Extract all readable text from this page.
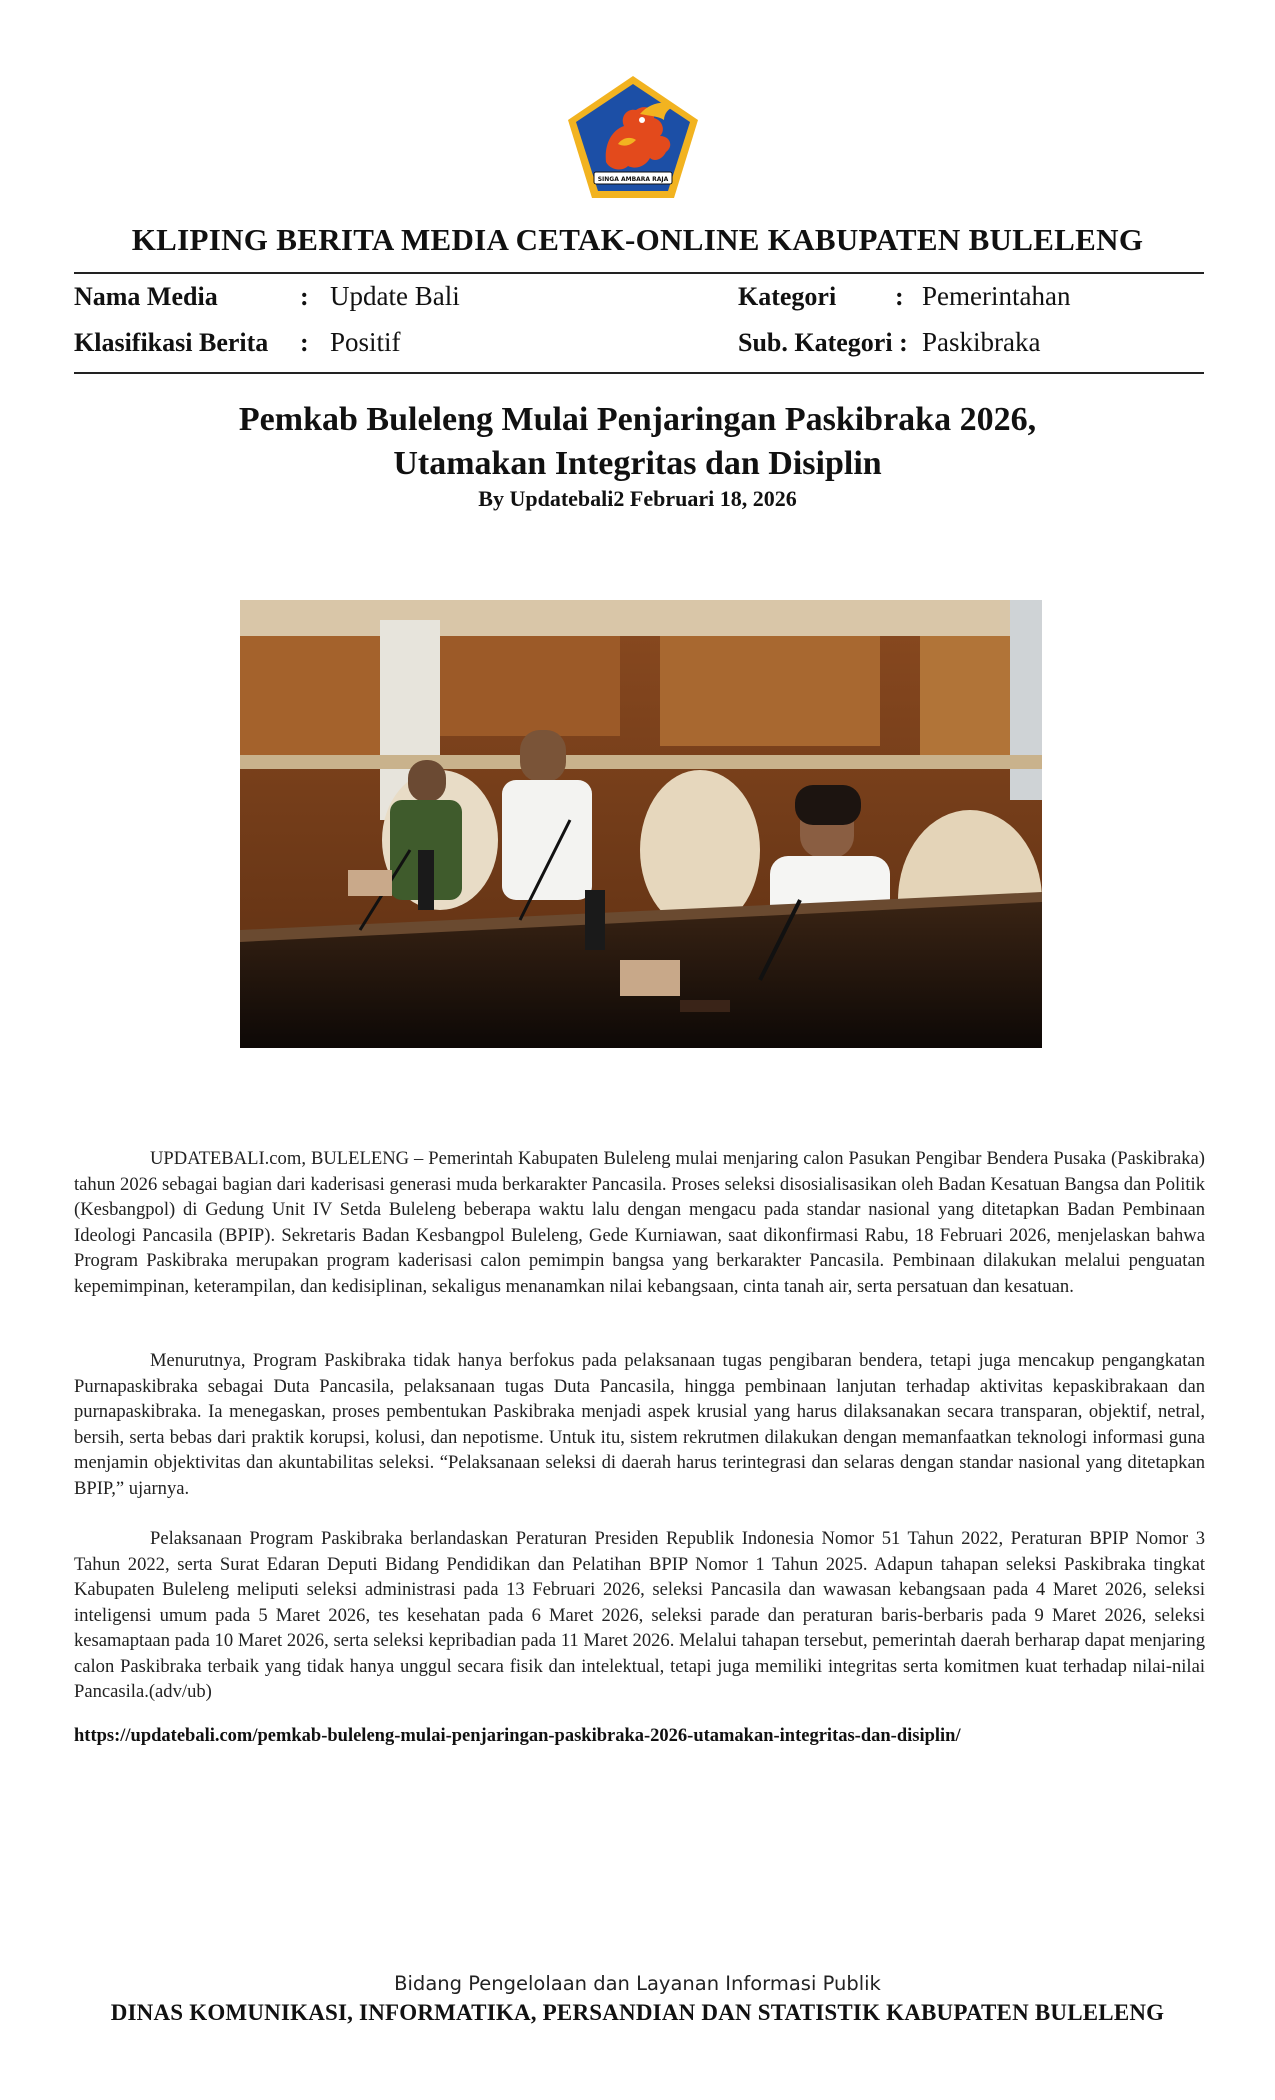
SINGA AMBARA RAJA
KLIPING BERITA MEDIA CETAK-ONLINE KABUPATEN BULELENG
Nama Media	: Update Bali
Klasifikasi Berita : Positif
Kategori : Pemerintahan
Sub. Kategori : Paskibraka
Pemkab Buleleng Mulai Penjaringan Paskibraka 2026,
Utamakan Integritas dan Disiplin
By Updatebali2 Februari 18, 2026

UPDATEBALI.com, BULELENG – Pemerintah Kabupaten Buleleng mulai menjaring calon Pasukan Pengibar Bendera Pusaka (Paskibraka) tahun 2026 sebagai bagian dari kaderisasi generasi muda berkarakter Pancasila. Proses seleksi disosialisasikan oleh Badan Kesatuan Bangsa dan Politik (Kesbangpol) di Gedung Unit IV Setda Buleleng beberapa waktu lalu dengan mengacu pada standar nasional yang ditetapkan Badan Pembinaan Ideologi Pancasila (BPIP). Sekretaris Badan Kesbangpol Buleleng, Gede Kurniawan, saat dikonfirmasi Rabu, 18 Februari 2026, menjelaskan bahwa Program Paskibraka merupakan program kaderisasi calon pemimpin bangsa yang berkarakter Pancasila. Pembinaan dilakukan melalui penguatan kepemimpinan, keterampilan, dan kedisiplinan, sekaligus menanamkan nilai kebangsaan, cinta tanah air, serta persatuan dan kesatuan.

Menurutnya, Program Paskibraka tidak hanya berfokus pada pelaksanaan tugas pengibaran bendera, tetapi juga mencakup pengangkatan Purnapaskibraka sebagai Duta Pancasila, pelaksanaan tugas Duta Pancasila, hingga pembinaan lanjutan terhadap aktivitas kepaskibrakaan dan purnapaskibraka. Ia menegaskan, proses pembentukan Paskibraka menjadi aspek krusial yang harus dilaksanakan secara transparan, objektif, netral, bersih, serta bebas dari praktik korupsi, kolusi, dan nepotisme. Untuk itu, sistem rekrutmen dilakukan dengan memanfaatkan teknologi informasi guna menjamin objektivitas dan akuntabilitas seleksi. “Pelaksanaan seleksi di daerah harus terintegrasi dan selaras dengan standar nasional yang ditetapkan BPIP,” ujarnya.

Pelaksanaan Program Paskibraka berlandaskan Peraturan Presiden Republik Indonesia Nomor 51 Tahun 2022, Peraturan BPIP Nomor 3 Tahun 2022, serta Surat Edaran Deputi Bidang Pendidikan dan Pelatihan BPIP Nomor 1 Tahun 2025. Adapun tahapan seleksi Paskibraka tingkat Kabupaten Buleleng meliputi seleksi administrasi pada 13 Februari 2026, seleksi Pancasila dan wawasan kebangsaan pada 4 Maret 2026, seleksi inteligensi umum pada 5 Maret 2026, tes kesehatan pada 6 Maret 2026, seleksi parade dan peraturan baris-berbaris pada 9 Maret 2026, seleksi kesamaptaan pada 10 Maret 2026, serta seleksi kepribadian pada 11 Maret 2026. Melalui tahapan tersebut, pemerintah daerah berharap dapat menjaring calon Paskibraka terbaik yang tidak hanya unggul secara fisik dan intelektual, tetapi juga memiliki integritas serta komitmen kuat terhadap nilai-nilai Pancasila.(adv/ub)

https://updatebali.com/pemkab-buleleng-mulai-penjaringan-paskibraka-2026-utamakan-integritas-dan-disiplin/
Bidang Pengelolaan dan Layanan Informasi Publik
DINAS KOMUNIKASI, INFORMATIKA, PERSANDIAN DAN STATISTIK KABUPATEN BULELENG
